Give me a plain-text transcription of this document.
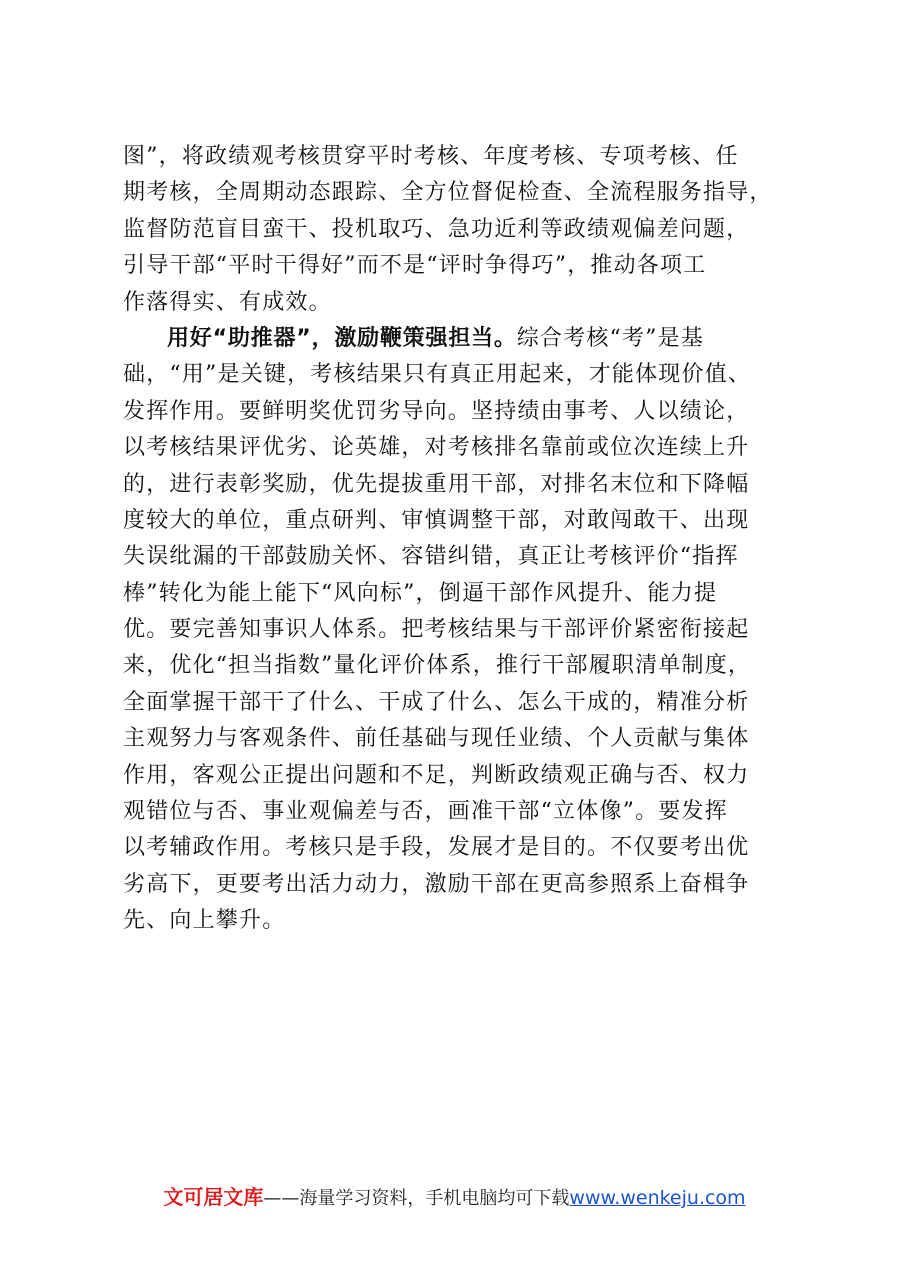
图”，将政绩观考核贯穿平时考核、年度考核、专项考核、任
期考核，全周期动态跟踪、全方位督促检查、全流程服务指导，
监督防范盲目蛮干、投机取巧、急功近利等政绩观偏差问题，
引导干部“平时干得好”而不是“评时争得巧”，推动各项工
作落得实、有成效。
用好“助推器”，激励鞭策强担当。综合考核“考”是基
础，“用”是关键，考核结果只有真正用起来，才能体现价值、
发挥作用。要鲜明奖优罚劣导向。坚持绩由事考、人以绩论，
以考核结果评优劣、论英雄，对考核排名靠前或位次连续上升
的，进行表彰奖励，优先提拔重用干部，对排名末位和下降幅
度较大的单位，重点研判、审慎调整干部，对敢闯敢干、出现
失误纰漏的干部鼓励关怀、容错纠错，真正让考核评价“指挥
棒”转化为能上能下“风向标”，倒逼干部作风提升、能力提
优。要完善知事识人体系。把考核结果与干部评价紧密衔接起
来，优化“担当指数”量化评价体系，推行干部履职清单制度，
全面掌握干部干了什么、干成了什么、怎么干成的，精准分析
主观努力与客观条件、前任基础与现任业绩、个人贡献与集体
作用，客观公正提出问题和不足，判断政绩观正确与否、权力
观错位与否、事业观偏差与否，画准干部“立体像”。要发挥
以考辅政作用。考核只是手段，发展才是目的。不仅要考出优
劣高下，更要考出活力动力，激励干部在更高参照系上奋楫争
先、向上攀升。
文可居文库——海量学习资料，手机电脑均可下载www.wenkeju.com
